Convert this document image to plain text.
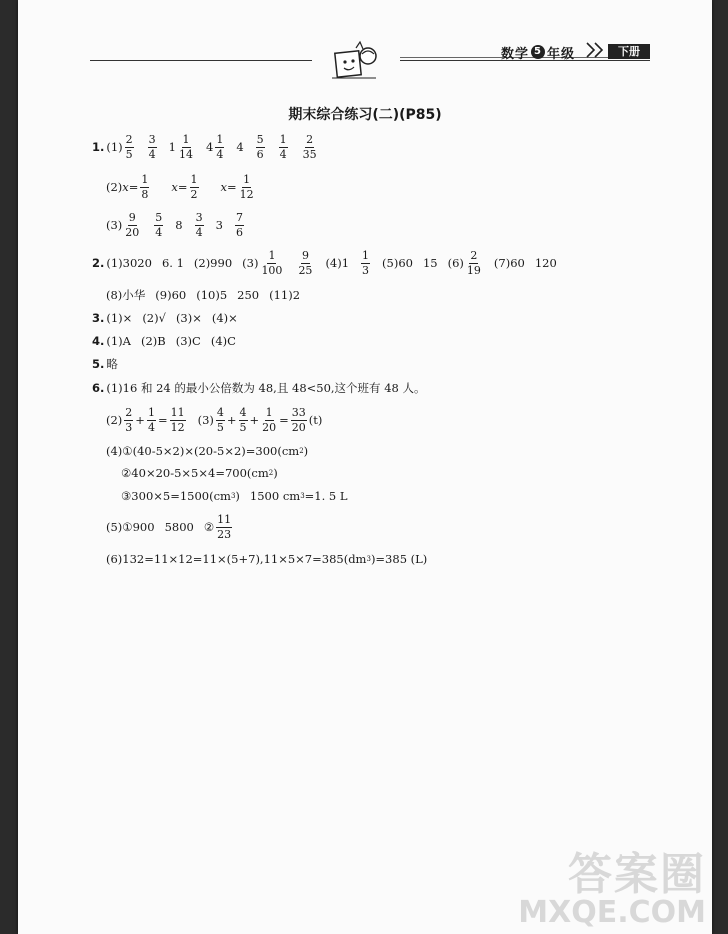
数学 5 年级	下册
期末综合练习(二)(P85)
1. $(1) \frac{2}{5} \frac{3}{4} 1 \frac{1}{14} 4 \frac{1}{4} 4 \frac{5}{6} \frac{1}{4} \frac{2}{35}$
(2) $x= \frac{1}{8} x= \frac{1}{2} x= \frac{1}{12}$
$(3) \frac{9}{20} \frac{5}{4} 8 \frac{3}{4} 3 \frac{7}{6}$
2. (1)3020 6. 1 (2)990 $(3) \frac{1}{100} \frac{9}{25} (4)1 \frac{1}{3} (5)60$ 15 $(6) \frac{2}{19} (7)60$ 120
(8)小华 (9)60 (10)5 250 (11)2
3. (1)× (2)√ (3)× (4)×
4. (1)A (2)B (3)C (4)C
5. 略
6. (1)16 和 24 的最小公倍数为 48,且 48<50,这个班有 48 人。
$(2) \frac{2}{3} + \frac{1}{4} = \frac{11}{12} (3) \frac{4}{5} + \frac{4}{5} + \frac{1}{20} = \frac{33}{20} (t)$
(4)①(40-5×2)×(20-5×2)=300(cm 2 )
②40×20-5×5×4=700(cm 2 )
③300×5=1500(cm 3 ) 1500 cm 3 =1. 5 L
(5)①900 5800 ② $\frac{11}{23}$
(6)132=11×12=11×(5+7),11×5×7=385(dm 3 )=385 (L)
答案圈
MXQE.COM
